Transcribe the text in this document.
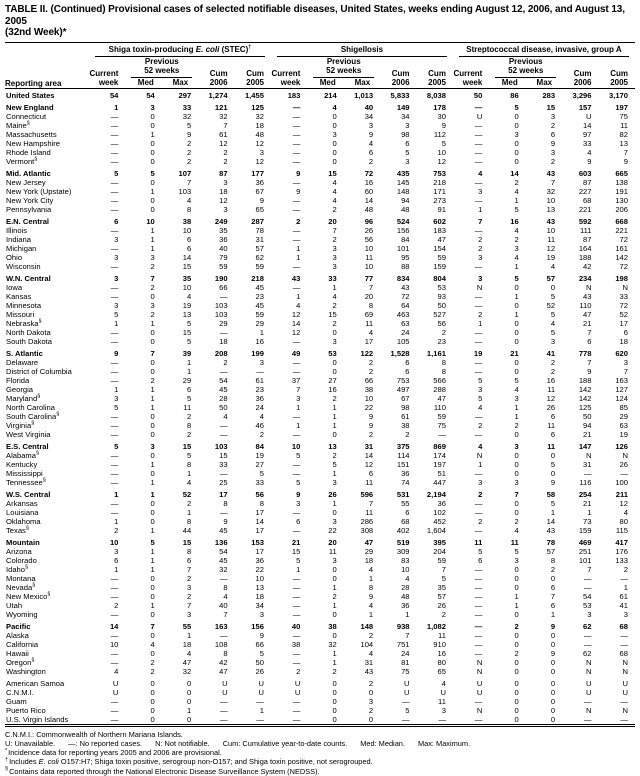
TABLE II. (Continued) Provisional cases of selected notifiable diseases, United States, weeks ending August 12, 2006, and August 13, 2005
(32nd Week)*

	Shiga toxin-producing E. coli (STEC)†					Shigellosis					Streptococcal disease, invasive, group A				

Reporting area	Current
week	
Previous
52 weeks
Med	Max
	Cum
2006	Cum
2005	Current
week	
Previous
52 weeks
Med	Max
	Cum
2006	Cum
2005	Current
week	
Previous
52 weeks
Med	Max
	Cum
2006	Cum
2005
United States	54	54	297	1,274	1,455	183	214	1,013	5,833	8,038	50	86	283	3,296	3,170

New England	1	3	33	121	125	—	4	40	149	178	—	5	15	157	197
Connecticut	—	0	32	32	32	—	0	34	34	30	U	0	3	U	75
Maine§	—	0	5	7	18	—	0	3	3	9	—	0	2	14	11
Massachusetts	—	1	9	61	48	—	3	9	98	112	—	3	6	97	82
New Hampshire	—	0	2	12	12	—	0	4	6	5	—	0	9	33	13
Rhode Island	—	0	2	2	3	—	0	6	5	10	—	0	3	4	7
Vermont§	—	0	2	2	12	—	0	2	3	12	—	0	2	9	9

Mid. Atlantic	5	5	107	87	177	9	15	72	435	753	4	14	43	603	665
New Jersey	—	0	7	3	36	—	4	16	145	218	—	2	7	87	138
New York (Upstate)	—	1	103	18	67	9	4	60	148	171	3	4	32	227	191
New York City	—	0	4	12	9	—	4	14	94	273	—	1	10	68	130
Pennsylvania	—	0	8	3	65	—	2	48	48	91	1	5	13	221	206

E.N. Central	6	10	38	249	287	2	20	96	524	602	7	16	43	592	668
Illinois	—	1	10	35	78	—	7	26	156	183	—	4	10	111	221
Indiana	3	1	6	36	31	—	2	56	84	47	2	2	11	87	72
Michigan	—	1	6	40	57	1	3	10	101	154	2	3	12	164	161
Ohio	3	3	14	79	62	1	3	11	95	59	3	4	19	188	142
Wisconsin	—	2	15	59	59	—	3	10	88	159	—	1	4	42	72

W.N. Central	3	7	35	190	218	43	33	77	834	804	3	5	57	234	198
Iowa	—	2	10	66	45	—	1	7	43	53	N	0	0	N	N
Kansas	—	0	4	—	23	1	4	20	72	93	—	1	5	43	33
Minnesota	3	3	19	103	45	4	2	8	64	50	—	0	52	110	72
Missouri	5	2	13	103	59	12	15	69	463	527	2	1	5	47	52
Nebraska§	1	1	5	29	29	14	2	11	63	56	1	0	4	21	17
North Dakota	—	0	15	—	1	12	0	4	24	2	—	0	5	7	6
South Dakota	—	0	5	18	16	—	3	17	105	23	—	0	3	6	18

S. Atlantic	9	7	39	208	199	49	53	122	1,528	1,161	19	21	41	778	620
Delaware	—	0	1	2	3	—	0	2	6	8	—	0	2	7	3
District of Columbia	—	0	1	—	—	—	0	2	6	8	—	0	2	9	7
Florida	—	2	29	54	61	37	27	66	753	566	5	5	16	188	163
Georgia	1	1	6	45	23	7	16	38	497	288	3	4	11	142	127
Maryland§	3	1	5	28	36	3	2	10	67	47	5	3	12	142	124
North Carolina	5	1	11	50	24	1	1	22	98	110	4	1	26	125	85
South Carolina§	—	0	2	4	4	—	1	9	61	59	—	1	6	50	29
Virginia§	—	0	8	—	46	1	1	9	38	75	2	2	11	94	63
West Virginia	—	0	2	—	2	—	0	2	2	—	—	0	6	21	19

E.S. Central	5	3	15	103	84	10	13	31	375	869	4	3	11	147	126
Alabama§	—	0	5	15	19	5	2	14	114	174	N	0	0	N	N
Kentucky	—	1	8	33	27	—	5	12	151	197	1	0	5	31	26
Mississippi	—	0	1	—	5	—	1	6	36	51	—	0	0	—	—
Tennessee§	—	1	4	25	33	5	3	11	74	447	3	3	9	116	100

W.S. Central	1	1	52	17	56	9	26	596	531	2,194	2	7	58	254	211
Arkansas	—	0	2	8	8	3	1	7	55	36	—	0	5	21	12
Louisiana	—	0	1	—	17	—	0	11	6	102	—	0	1	1	4
Oklahoma	1	0	8	9	14	6	3	286	68	452	2	2	14	73	80
Texas§	2	1	44	45	17	—	22	308	402	1,604	—	4	43	159	115

Mountain	10	5	15	136	153	21	20	47	519	395	11	11	78	469	417
Arizona	3	1	8	54	17	15	11	29	309	204	5	5	57	251	176
Colorado	6	1	6	45	36	5	3	18	83	59	6	3	8	101	133
Idaho§	1	1	7	32	22	1	0	4	10	7	—	0	2	7	2
Montana	—	0	2	—	10	—	0	1	4	5	—	0	0	—	—
Nevada§	—	0	3	8	13	—	1	8	28	35	—	0	6	—	1
New Mexico§	—	0	2	4	18	—	2	9	48	57	—	1	7	54	61
Utah	2	1	7	40	34	—	1	4	36	26	—	1	6	53	41
Wyoming	—	0	3	7	3	—	0	1	1	2	—	0	1	3	3

Pacific	14	7	55	163	156	40	38	148	938	1,082	—	2	9	62	68
Alaska	—	0	1	—	9	—	0	2	7	11	—	0	0	—	—
California	10	4	18	108	66	38	32	104	751	910	—	0	0	—	—
Hawaii	—	0	4	8	5	—	1	4	24	16	—	2	9	62	68
Oregon§	—	2	47	42	50	—	1	31	81	80	N	0	0	N	N
Washington	4	2	32	47	26	2	2	43	75	65	N	0	0	N	N

American Samoa	U	0	0	U	U	U	0	2	U	4	U	0	0	U	U
C.N.M.I.	U	0	0	U	U	U	0	0	U	U	U	0	0	U	U
Guam	—	0	0	—	—	—	0	3	—	11	—	0	0	—	—
Puerto Rico	—	0	1	—	1	—	0	2	5	3	N	0	0	N	N
U.S. Virgin Islands	—	0	0	—	—	—	0	0	—	—	—	0	0	—	—
C.N.M.I.: Commonwealth of Northern Mariana Islands.
U: Unavailable. —: No reported cases. N: Not notifiable. Cum: Cumulative year-to-date counts. Med: Median. Max: Maximum.
*Incidence data for reporting years 2005 and 2006 are provisional.
†Includes E. coli O157:H7; Shiga toxin positive, serogroup non-O157; and Shiga toxin positive, not serogrouped.
§Contains data reported through the National Electronic Disease Surveillance System (NEDSS).
